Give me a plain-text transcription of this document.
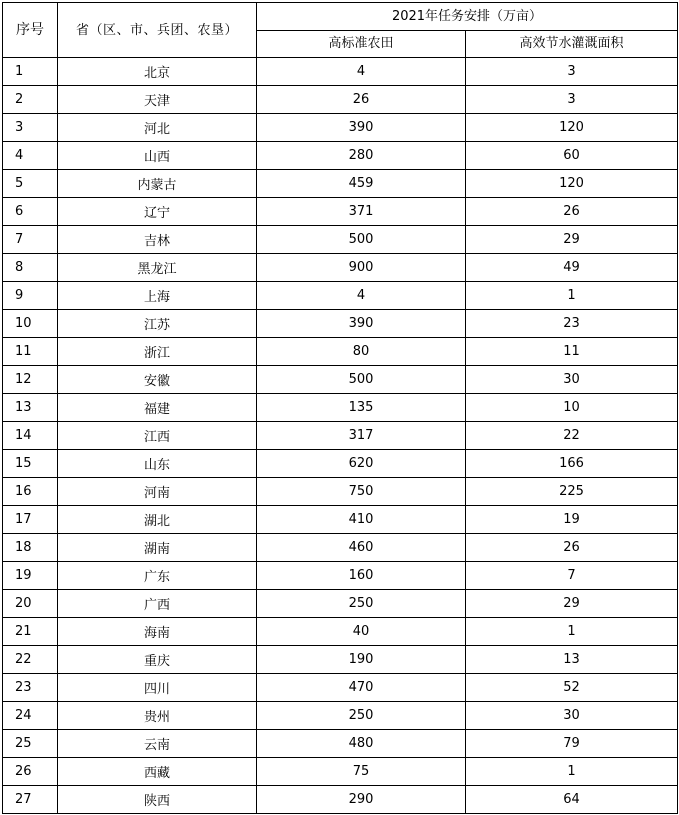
序号	省（区、市、兵团、农垦）	2021年任务安排（万亩）	
		高标准农田	高效节水灌溉面积
1	北京	4	3
2	天津	26	3
3	河北	390	120
4	山西	280	60
5	内蒙古	459	120
6	辽宁	371	26
7	吉林	500	29
8	黑龙江	900	49
9	上海	4	1
10	江苏	390	23
11	浙江	80	11
12	安徽	500	30
13	福建	135	10
14	江西	317	22
15	山东	620	166
16	河南	750	225
17	湖北	410	19
18	湖南	460	26
19	广东	160	7
20	广西	250	29
21	海南	40	1
22	重庆	190	13
23	四川	470	52
24	贵州	250	30
25	云南	480	79
26	西藏	75	1
27	陕西	290	64
